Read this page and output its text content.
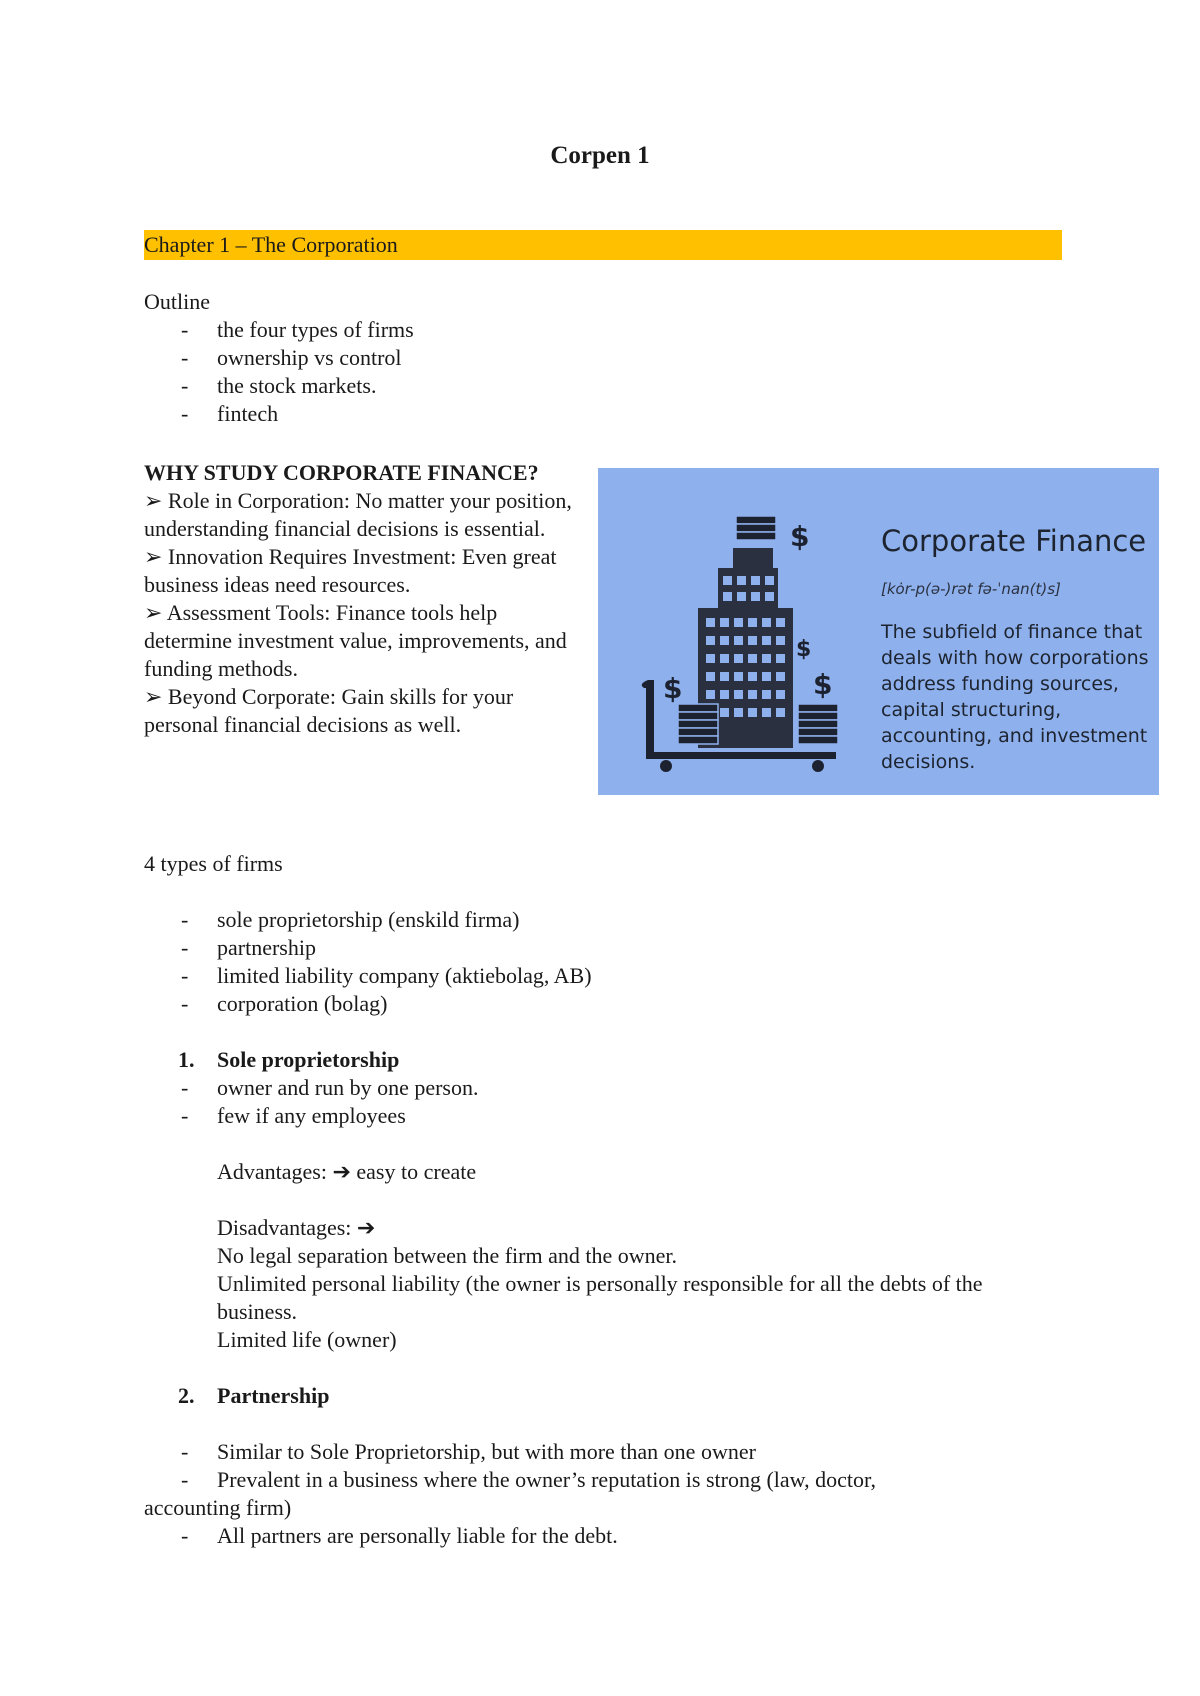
Corpen 1
Chapter 1 – The Corporation
Outline
- the four types of firms
- ownership vs control
- the stock markets.
- fintech

WHY STUDY CORPORATE FINANCE?

➢ Role in Corporation: No matter your position, understanding financial decisions is essential.

➢ Innovation Requires Investment: Even great business ideas need resources.

➢ Assessment Tools: Finance tools help determine investment value, improvements, and funding methods.

➢ Beyond Corporate: Gain skills for your personal financial decisions as well.

$
$
$
$
Corporate Finance
[kȯr-p(ə-)rət fə-ˈnan(t)s]
The subfield of finance that deals with how corporations address funding sources, capital structuring, accounting, and investment decisions.
4 types of firms
- sole proprietorship (enskild firma)
- partnership
- limited liability company (aktiebolag, AB)
- corporation (bolag)
1. Sole proprietorship
- owner and run by one person.
- few if any employees
Advantages: ➔ easy to create
Disadvantages: ➔
No legal separation between the firm and the owner.
Unlimited personal liability (the owner is personally responsible for all the debts of the
business.
Limited life (owner)
2. Partnership
- Similar to Sole Proprietorship, but with more than one owner
- Prevalent in a business where the owner’s reputation is strong (law, doctor,
accounting firm)
- All partners are personally liable for the debt.
